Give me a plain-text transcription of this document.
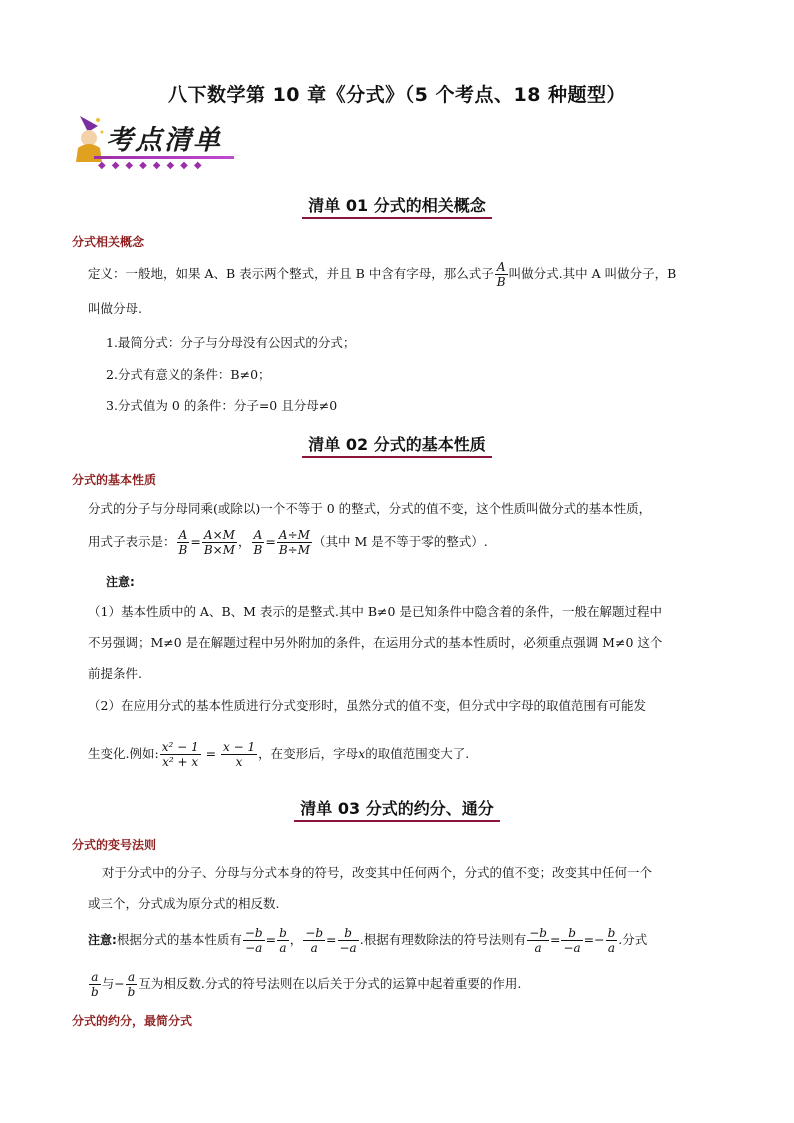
八下数学第 10 章《分式》（5 个考点、18 种题型）
考点清单
◆◆◆◆◆◆◆◆
清单 01 分式的相关概念
分式相关概念
定义：一般地，如果 A、B 表示两个整式，并且 B 中含有字母，那么式子 $\frac{A}{B}$ 叫做分式.其中 A 叫做分子，B
叫做分母.
1.最简分式：分子与分母没有公因式的分式；
2.分式有意义的条件：B≠0；
3.分式值为 0 的条件：分子=0 且分母≠0
清单 02 分式的基本性质
分式的基本性质
分式的分子与分母同乘(或除以)一个不等于 0 的整式，分式的值不变，这个性质叫做分式的基本性质，
用式子表示是： $\frac{A}{B} = \frac{A\times M}{B\times M}$ ， $\frac{A}{B} = \frac{A\div M}{B\div M}$ （其中 M 是不等于零的整式）.
注意:
（1）基本性质中的 A、B、M 表示的是整式.其中 B≠0 是已知条件中隐含着的条件，一般在解题过程中
不另强调；M≠0 是在解题过程中另外附加的条件，在运用分式的基本性质时，必须重点强调 M≠0 这个
前提条件.
（2）在应用分式的基本性质进行分式变形时，虽然分式的值不变，但分式中字母的取值范围有可能发
生变化.例如: $\frac{\text{x² − 1}}{\text{x² + x}} = \frac{x - 1}{x}$ ，在变形后，字母x的取值范围变大了.
清单 03 分式的约分、通分
分式的变号法则
对于分式中的分子、分母与分式本身的符号，改变其中任何两个，分式的值不变；改变其中任何一个
或三个，分式成为原分式的相反数.
注意:根据分式的基本性质有 $\frac{-b}{-a} = \frac{b}{a}$ ， $\frac{-b}{a} = \frac{b}{-a}$ .根据有理数除法的符号法则有 $\frac{-b}{a} = \frac{b}{-a} =- \frac{b}{a}$ .分式
$\frac{a}{b}$ 与− $\frac{a}{b}$ 互为相反数.分式的符号法则在以后关于分式的运算中起着重要的作用.
分式的约分，最简分式
